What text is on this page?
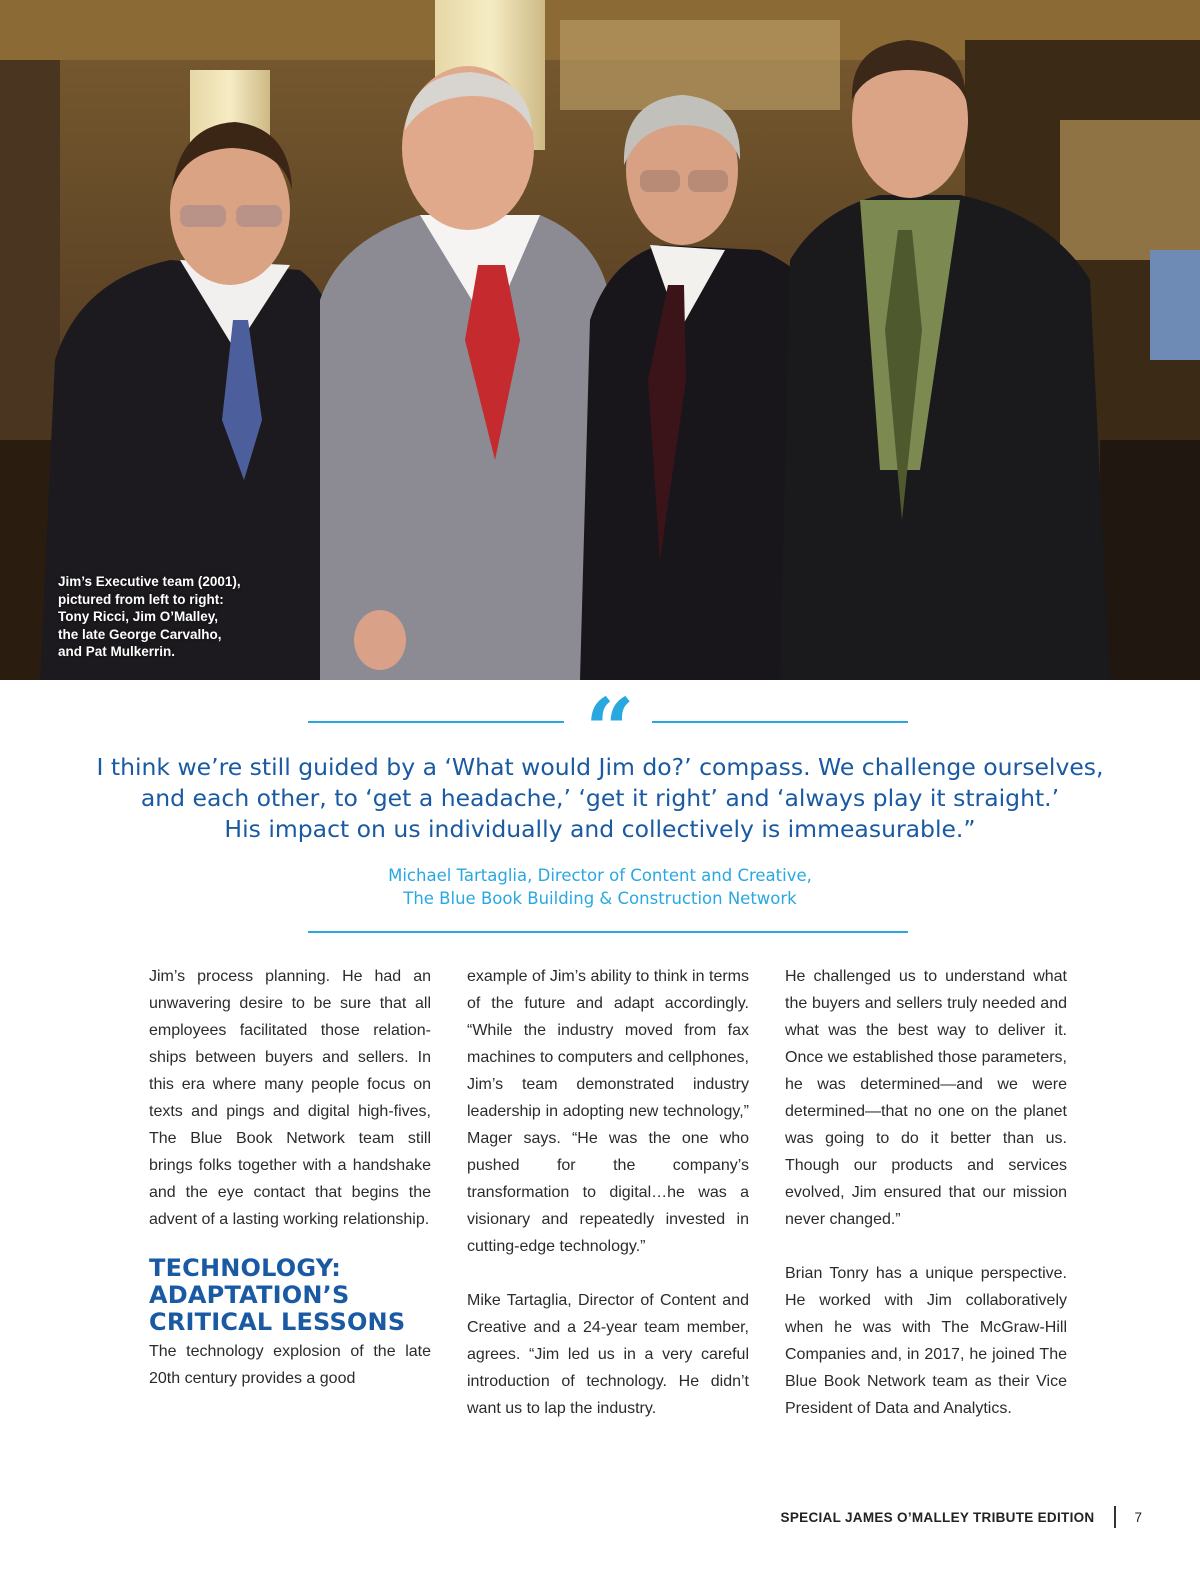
Jim’s Executive team (2001),
pictured from left to right:
Tony Ricci, Jim O’Malley,
the late George Carvalho,
and Pat Mulkerrin.
“
I think we’re still guided by a ‘What would Jim do?’ compass. We challenge ourselves,
and each other, to ‘get a headache,’ ‘get it right’ and ‘always play it straight.’
His impact on us individually and collectively is immeasurable.”
Michael Tartaglia, Director of Content and Creative,
The Blue Book Building & Construction Network

Jim’s process planning. He had an unwavering desire to be sure that all employees facilitated those relationships between buyers and sellers. In this era where many people focus on texts and pings and digital high-fives, The Blue Book Network team still brings folks together with a handshake and the eye contact that begins the advent of a lasting working relationship.

TECHNOLOGY: ADAPTATION’S CRITICAL LESSONS

The technology explosion of the late 20th century provides a good

example of Jim’s ability to think in terms of the future and adapt accordingly. “While the industry moved from fax machines to computers and cellphones, Jim’s team demonstrated industry leadership in adopting new technology,” Mager says. “He was the one who pushed for the company’s transformation to digital…he was a visionary and repeatedly invested in cutting-edge technology.”

Mike Tartaglia, Director of Content and Creative and a 24-year team member, agrees. “Jim led us in a very careful introduction of technology. He didn’t want us to lap the industry.

He challenged us to understand what the buyers and sellers truly needed and what was the best way to deliver it. Once we established those parameters, he was determined—and we were determined—that no one on the planet was going to do it better than us. Though our products and services evolved, Jim ensured that our mission never changed.”

Brian Tonry has a unique perspective. He worked with Jim collaboratively when he was with The McGraw-Hill Companies and, in 2017, he joined The Blue Book Network team as their Vice President of Data and Analytics.

SPECIAL JAMES O’MALLEY TRIBUTE EDITION	7
